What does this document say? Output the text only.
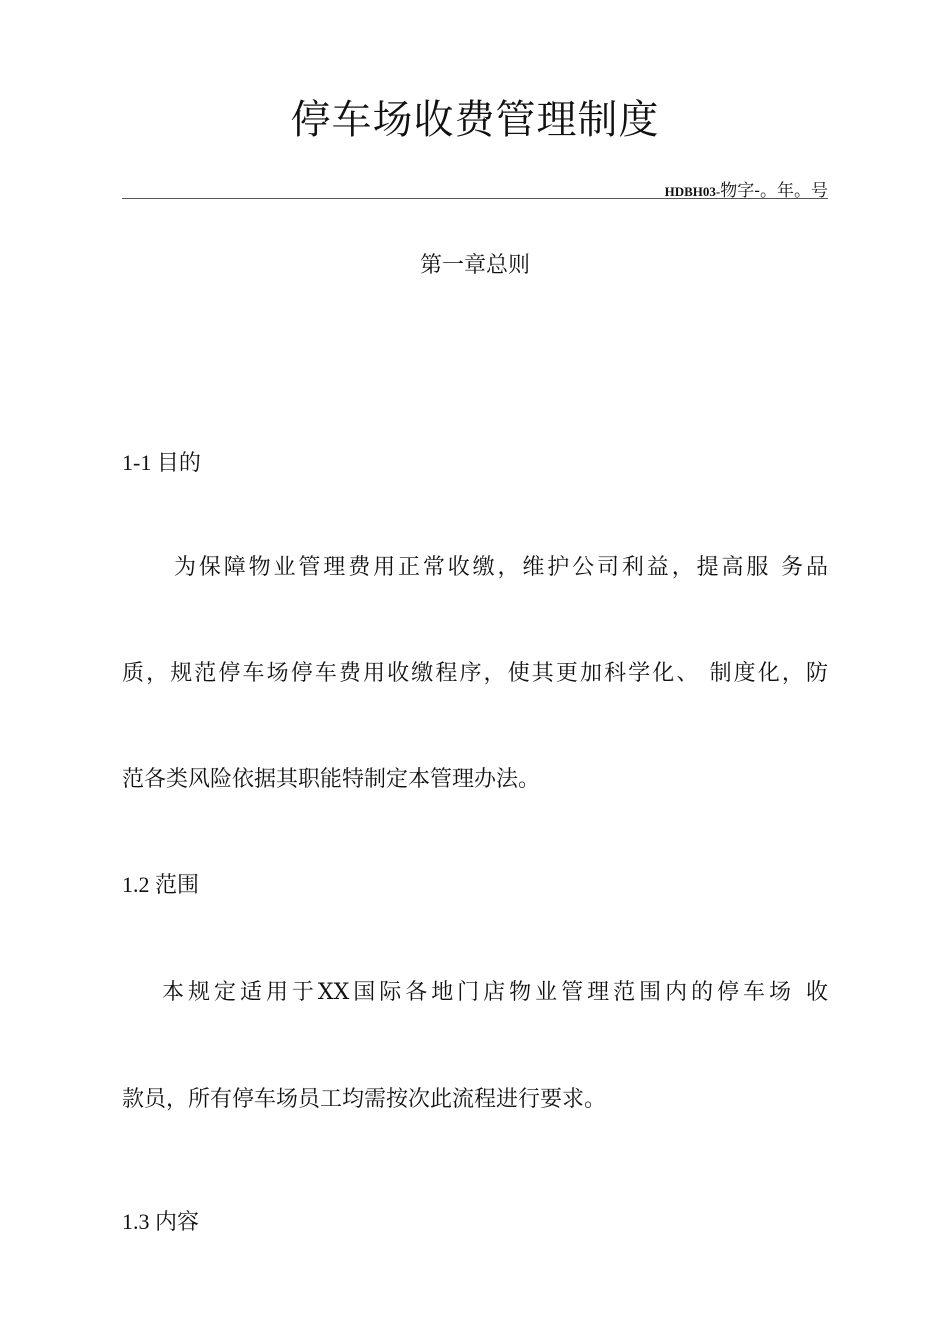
停车场收费管理制度
HDBH03-物字-。年。号
第一章总则
1-1 目的
为保障物业管理费用正常收缴，维护公司利益，提高服 务品
质，规范停车场停车费用收缴程序，使其更加科学化、 制度化，防
范各类风险依据其职能特制定本管理办法。
1.2 范围
本规定适用于XX国际各地门店物业管理范围内的停车场 收
款员，所有停车场员工均需按次此流程进行要求。
1.3 内容
